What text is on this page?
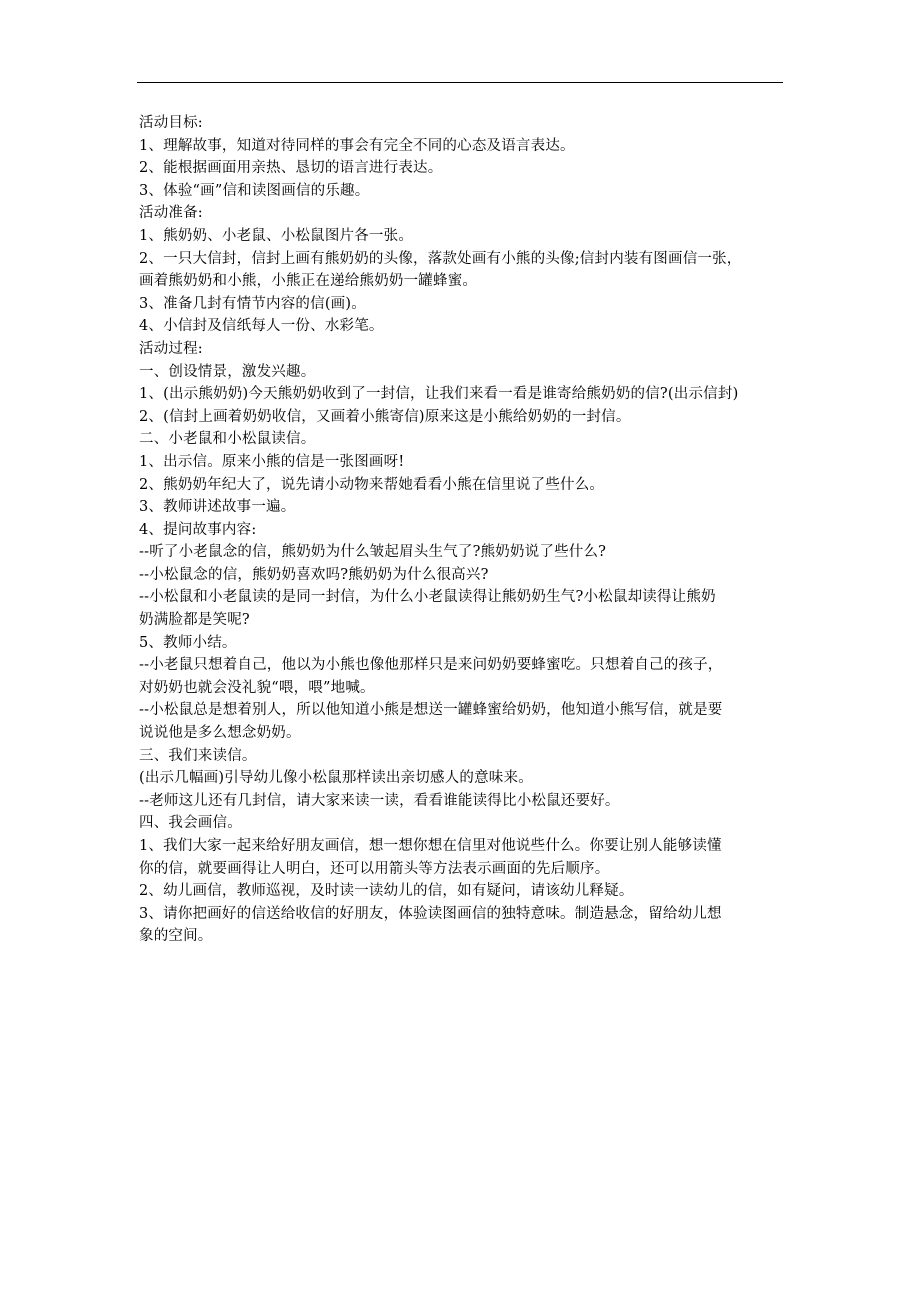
活动目标:
1、理解故事，知道对待同样的事会有完全不同的心态及语言表达。
2、能根据画面用亲热、恳切的语言进行表达。
3、体验“画”信和读图画信的乐趣。
活动准备:
1、熊奶奶、小老鼠、小松鼠图片各一张。
2、一只大信封，信封上画有熊奶奶的头像，落款处画有小熊的头像;信封内装有图画信一张，
画着熊奶奶和小熊，小熊正在递给熊奶奶一罐蜂蜜。
3、准备几封有情节内容的信(画)。
4、小信封及信纸每人一份、水彩笔。
活动过程:
一、创设情景，激发兴趣。
1、(出示熊奶奶)今天熊奶奶收到了一封信，让我们来看一看是谁寄给熊奶奶的信?(出示信封)
2、(信封上画着奶奶收信，又画着小熊寄信)原来这是小熊给奶奶的一封信。
二、小老鼠和小松鼠读信。
1、出示信。原来小熊的信是一张图画呀!
2、熊奶奶年纪大了，说先请小动物来帮她看看小熊在信里说了些什么。
3、教师讲述故事一遍。
4、提问故事内容:
--听了小老鼠念的信，熊奶奶为什么皱起眉头生气了?熊奶奶说了些什么?
--小松鼠念的信，熊奶奶喜欢吗?熊奶奶为什么很高兴?
--小松鼠和小老鼠读的是同一封信，为什么小老鼠读得让熊奶奶生气?小松鼠却读得让熊奶
奶满脸都是笑呢?
5、教师小结。
--小老鼠只想着自己，他以为小熊也像他那样只是来问奶奶要蜂蜜吃。只想着自己的孩子，
对奶奶也就会没礼貌“喂，喂”地喊。
--小松鼠总是想着别人，所以他知道小熊是想送一罐蜂蜜给奶奶，他知道小熊写信，就是要
说说他是多么想念奶奶。
三、我们来读信。
(出示几幅画)引导幼儿像小松鼠那样读出亲切感人的意味来。
--老师这儿还有几封信，请大家来读一读，看看谁能读得比小松鼠还要好。
四、我会画信。
1、我们大家一起来给好朋友画信，想一想你想在信里对他说些什么。你要让别人能够读懂
你的信，就要画得让人明白，还可以用箭头等方法表示画面的先后顺序。
2、幼儿画信，教师巡视，及时读一读幼儿的信，如有疑问，请该幼儿释疑。
3、请你把画好的信送给收信的好朋友，体验读图画信的独特意味。制造悬念，留给幼儿想
象的空间。
